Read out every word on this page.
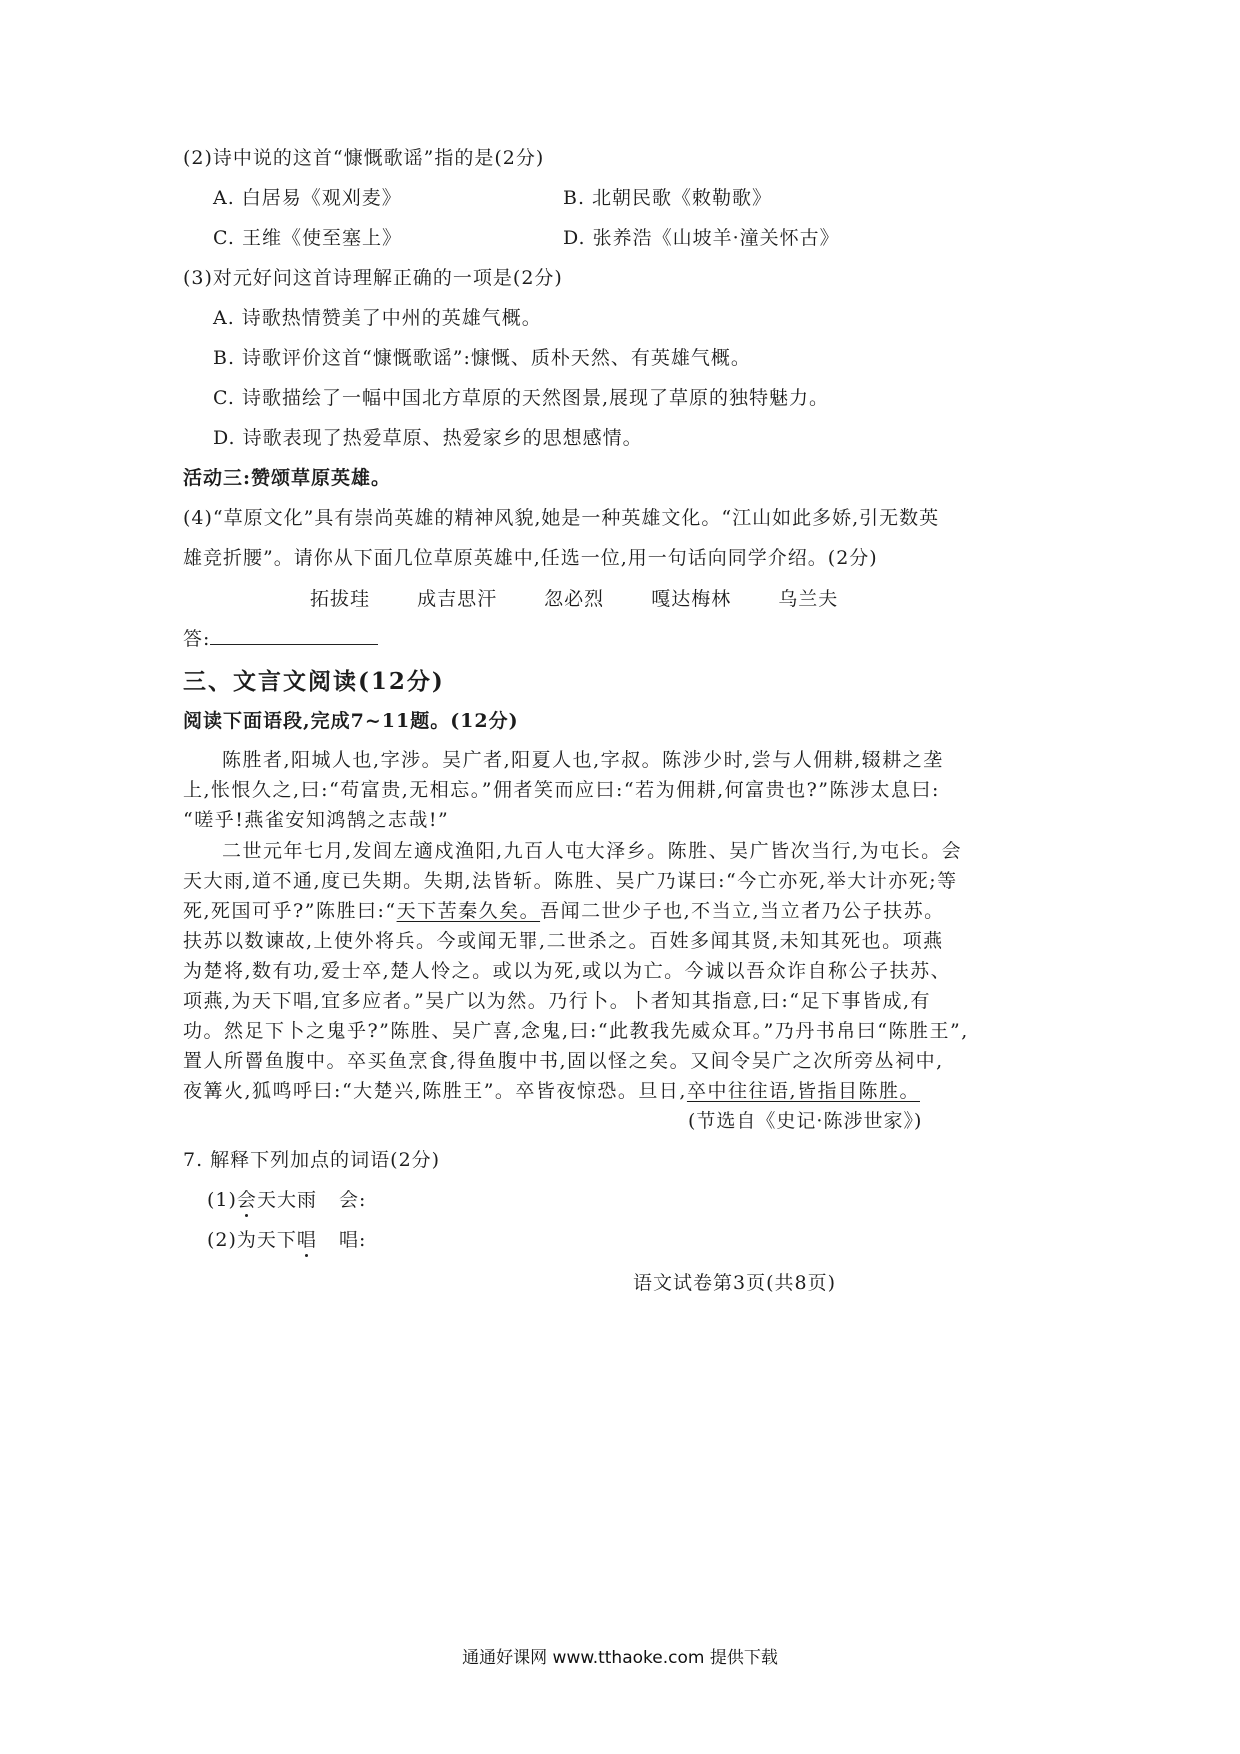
(2)诗中说的这首“慷慨歌谣”指的是(2分)
A. 白居易《观刈麦》	B. 北朝民歌《敕勒歌》
C. 王维《使至塞上》	D. 张养浩《山坡羊·潼关怀古》
(3)对元好问这首诗理解正确的一项是(2分)
A. 诗歌热情赞美了中州的英雄气概。
B. 诗歌评价这首“慷慨歌谣”:慷慨、质朴天然、有英雄气概。
C. 诗歌描绘了一幅中国北方草原的天然图景,展现了草原的独特魅力。
D. 诗歌表现了热爱草原、热爱家乡的思想感情。
活动三:赞颂草原英雄。
(4)“草原文化”具有崇尚英雄的精神风貌,她是一种英雄文化。“江山如此多娇,引无数英
雄竞折腰”。请你从下面几位草原英雄中,任选一位,用一句话向同学介绍。(2分)
拓拔珪 成吉思汗 忽必烈 嘎达梅林 乌兰夫
答:
三、文言文阅读(12分)
阅读下面语段,完成7~11题。(12分)
陈胜者,阳城人也,字涉。吴广者,阳夏人也,字叔。陈涉少时,尝与人佣耕,辍耕之垄
上,怅恨久之,曰:“苟富贵,无相忘。”佣者笑而应曰:“若为佣耕,何富贵也?”陈涉太息曰:
“嗟乎!燕雀安知鸿鹄之志哉!”
二世元年七月,发闾左適戍渔阳,九百人屯大泽乡。陈胜、吴广皆次当行,为屯长。会
天大雨,道不通,度已失期。失期,法皆斩。陈胜、吴广乃谋曰:“今亡亦死,举大计亦死;等
死,死国可乎?”陈胜曰:“天下苦秦久矣。吾闻二世少子也,不当立,当立者乃公子扶苏。
扶苏以数谏故,上使外将兵。今或闻无罪,二世杀之。百姓多闻其贤,未知其死也。项燕
为楚将,数有功,爱士卒,楚人怜之。或以为死,或以为亡。今诚以吾众诈自称公子扶苏、
项燕,为天下唱,宜多应者。”吴广以为然。乃行卜。卜者知其指意,曰:“足下事皆成,有
功。然足下卜之鬼乎?”陈胜、吴广喜,念鬼,曰:“此教我先威众耳。”乃丹书帛曰“陈胜王”,
置人所罾鱼腹中。卒买鱼烹食,得鱼腹中书,固以怪之矣。又间令吴广之次所旁丛祠中,
夜篝火,狐鸣呼曰:“大楚兴,陈胜王”。卒皆夜惊恐。旦日,卒中往往语,皆指目陈胜。
(节选自《史记·陈涉世家》)
7. 解释下列加点的词语(2分)
(1)会天大雨 会:
(2)为天下唱 唱:
语文试卷第3页(共8页)
通通好课网 www.tthaoke.com 提供下载
